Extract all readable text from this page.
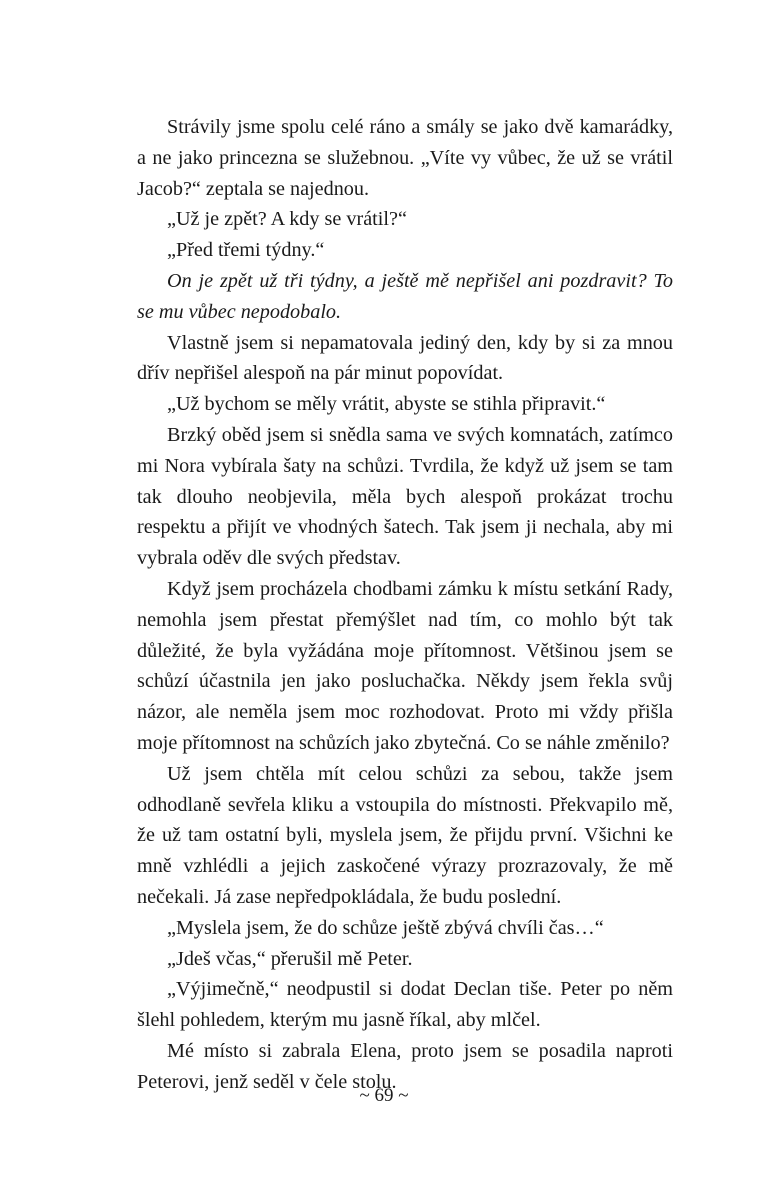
Strávily jsme spolu celé ráno a smály se jako dvě kamarádky, a ne jako princezna se služebnou. „Víte vy vůbec, že už se vrátil Jacob?“ zeptala se najednou.

„Už je zpět? A kdy se vrátil?“

„Před třemi týdny.“

On je zpět už tři týdny, a ještě mě nepřišel ani pozdravit? To se mu vůbec nepodobalo.

Vlastně jsem si nepamatovala jediný den, kdy by si za mnou dřív nepřišel alespoň na pár minut popovídat.

„Už bychom se měly vrátit, abyste se stihla připravit.“

Brzký oběd jsem si snědla sama ve svých komnatách, zatímco mi Nora vybírala šaty na schůzi. Tvrdila, že když už jsem se tam tak dlouho neobjevila, měla bych alespoň prokázat trochu respektu a přijít ve vhodných šatech. Tak jsem ji nechala, aby mi vybrala oděv dle svých představ.

Když jsem procházela chodbami zámku k místu setkání Rady, nemohla jsem přestat přemýšlet nad tím, co mohlo být tak důležité, že byla vyžádána moje přítomnost. Většinou jsem se schůzí účastnila jen jako posluchačka. Někdy jsem řekla svůj názor, ale neměla jsem moc rozhodovat. Proto mi vždy přišla moje přítomnost na schůzích jako zbytečná. Co se náhle změnilo?

Už jsem chtěla mít celou schůzi za sebou, takže jsem odhodlaně sevřela kliku a vstoupila do místnosti. Překvapilo mě, že už tam ostatní byli, myslela jsem, že přijdu první. Všichni ke mně vzhlédli a jejich zaskočené výrazy prozrazovaly, že mě nečekali. Já zase nepředpokládala, že budu poslední.

„Myslela jsem, že do schůze ještě zbývá chvíli čas…“

„Jdeš včas,“ přerušil mě Peter.

„Výjimečně,“ neodpustil si dodat Declan tiše. Peter po něm šlehl pohledem, kterým mu jasně říkal, aby mlčel.

Mé místo si zabrala Elena, proto jsem se posadila naproti Peterovi, jenž seděl v čele stolu.

~ 69 ~
